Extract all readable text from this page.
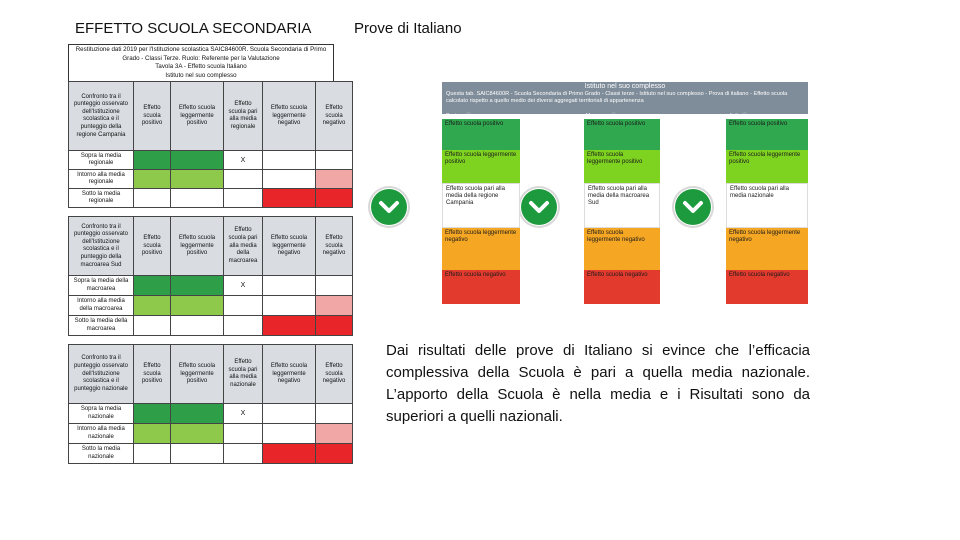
EFFETTO SCUOLA SECONDARIA	Prove di Italiano
Restituzione dati 2019 per l'Istituzione scolastica SAIC84600R. Scuola Secondaria di Primo
Grado - Classi Terze. Ruolo: Referente per la Valutazione
Tavola 3A - Effetto scuola Italiano
Istituto nel suo complesso
Confronto tra il punteggio osservato dell'Istituzione scolastica e il punteggio della regione Campania	Effetto scuola positivo	Effetto scuola leggermente positivo	Effetto scuola pari alla media regionale	Effetto scuola leggermente negativo	Effetto scuola negativo
Sopra la media regionale			X		
Intorno alla media regionale					
Sotto la media regionale					
Confronto tra il punteggio osservato dell'Istituzione scolastica e il punteggio della macroarea Sud	Effetto scuola positivo	Effetto scuola leggermente positivo	Effetto scuola pari alla media della macroarea	Effetto scuola leggermente negativo	Effetto scuola negativo
Sopra la media della macroarea			X		
Intorno alla media della macroarea					
Sotto la media della macroarea					
Confronto tra il punteggio osservato dell'Istituzione scolastica e il punteggio nazionale	Effetto scuola positivo	Effetto scuola leggermente positivo	Effetto scuola pari alla media nazionale	Effetto scuola leggermente negativo	Effetto scuola negativo
Sopra la media nazionale			X		
Intorno alla media nazionale					
Sotto la media nazionale					
Istituto nel suo complesso
Questa tab. SAIC84600R - Scuola Secondaria di Primo Grado - Classi terze - Istituto nel suo complesso - Prova di italiano - Effetto scuola calcolato rispetto a quello medio dei diversi aggregati territoriali di appartenenza
Regione ⓘ	Macroarea ⓘ	Italia ⓘ
Effetto scuola positivo
Effetto scuola leggermente positivo
Effetto scuola pari alla media della regione Campania
Effetto scuola leggermente negativo
Effetto scuola negativo
Effetto scuola positivo
Effetto scuola leggermente positivo
Effetto scuola pari alla media della macroarea Sud
Effetto scuola leggermente negativo
Effetto scuola negativo
Effetto scuola positivo
Effetto scuola leggermente positivo
Effetto scuola pari alla media nazionale
Effetto scuola leggermente negativo
Effetto scuola negativo
Dai risultati delle prove di Italiano si evince che l’efficacia complessiva della Scuola è pari a quella media nazionale. L’apporto della Scuola è nella media e i Risultati sono da superiori a quelli nazionali.
